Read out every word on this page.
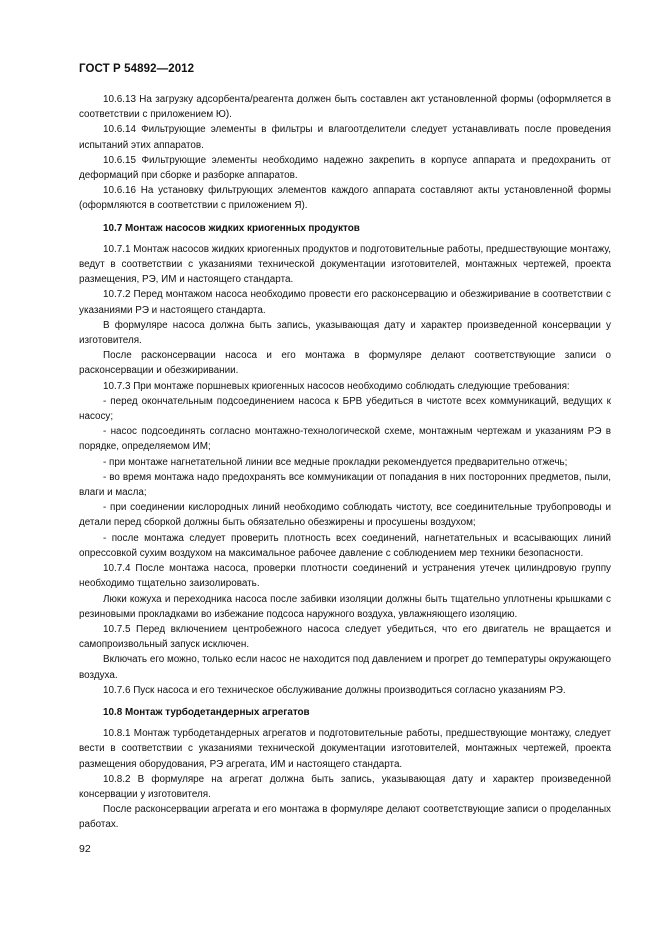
ГОСТ Р 54892—2012

10.6.13 На загрузку адсорбента/реагента должен быть составлен акт установленной формы (оформляется в соответствии с приложением Ю).

10.6.14 Фильтрующие элементы в фильтры и влагоотделители следует устанавливать после проведения испытаний этих аппаратов.

10.6.15 Фильтрующие элементы необходимо надежно закрепить в корпусе аппарата и предохранить от деформаций при сборке и разборке аппаратов.

10.6.16 На установку фильтрующих элементов каждого аппарата составляют акты установленной формы (оформляются в соответствии с приложением Я).

10.7 Монтаж насосов жидких криогенных продуктов

10.7.1 Монтаж насосов жидких криогенных продуктов и подготовительные работы, предшествующие монтажу, ведут в соответствии с указаниями технической документации изготовителей, монтажных чертежей, проекта размещения, РЭ, ИМ и настоящего стандарта.

10.7.2 Перед монтажом насоса необходимо провести его расконсервацию и обезжиривание в соответствии с указаниями РЭ и настоящего стандарта.

В формуляре насоса должна быть запись, указывающая дату и характер произведенной консервации у изготовителя.

После расконсервации насоса и его монтажа в формуляре делают соответствующие записи о расконсервации и обезжиривании.

10.7.3 При монтаже поршневых криогенных насосов необходимо соблюдать следующие требования:

- перед окончательным подсоединением насоса к БРВ убедиться в чистоте всех коммуникаций, ведущих к насосу;

- насос подсоединять согласно монтажно-технологической схеме, монтажным чертежам и указаниям РЭ в порядке, определяемом ИМ;

- при монтаже нагнетательной линии все медные прокладки рекомендуется предварительно отжечь;

- во время монтажа надо предохранять все коммуникации от попадания в них посторонних предметов, пыли, влаги и масла;

- при соединении кислородных линий необходимо соблюдать чистоту, все соединительные трубопроводы и детали перед сборкой должны быть обязательно обезжирены и просушены воздухом;

- после монтажа следует проверить плотность всех соединений, нагнетательных и всасывающих линий опрессовкой сухим воздухом на максимальное рабочее давление с соблюдением мер техники безопасности.

10.7.4 После монтажа насоса, проверки плотности соединений и устранения утечек цилиндровую группу необходимо тщательно заизолировать.

Люки кожуха и переходника насоса после забивки изоляции должны быть тщательно уплотнены крышками с резиновыми прокладками во избежание подсоса наружного воздуха, увлажняющего изоляцию.

10.7.5 Перед включением центробежного насоса следует убедиться, что его двигатель не вращается и самопроизвольный запуск исключен.

Включать его можно, только если насос не находится под давлением и прогрет до температуры окружающего воздуха.

10.7.6 Пуск насоса и его техническое обслуживание должны производиться согласно указаниям РЭ.

10.8 Монтаж турбодетандерных агрегатов

10.8.1 Монтаж турбодетандерных агрегатов и подготовительные работы, предшествующие монтажу, следует вести в соответствии с указаниями технической документации изготовителей, монтажных чертежей, проекта размещения оборудования, РЭ агрегата, ИМ и настоящего стандарта.

10.8.2 В формуляре на агрегат должна быть запись, указывающая дату и характер произведенной консервации у изготовителя.

После расконсервации агрегата и его монтажа в формуляре делают соответствующие записи о проделанных работах.

92
